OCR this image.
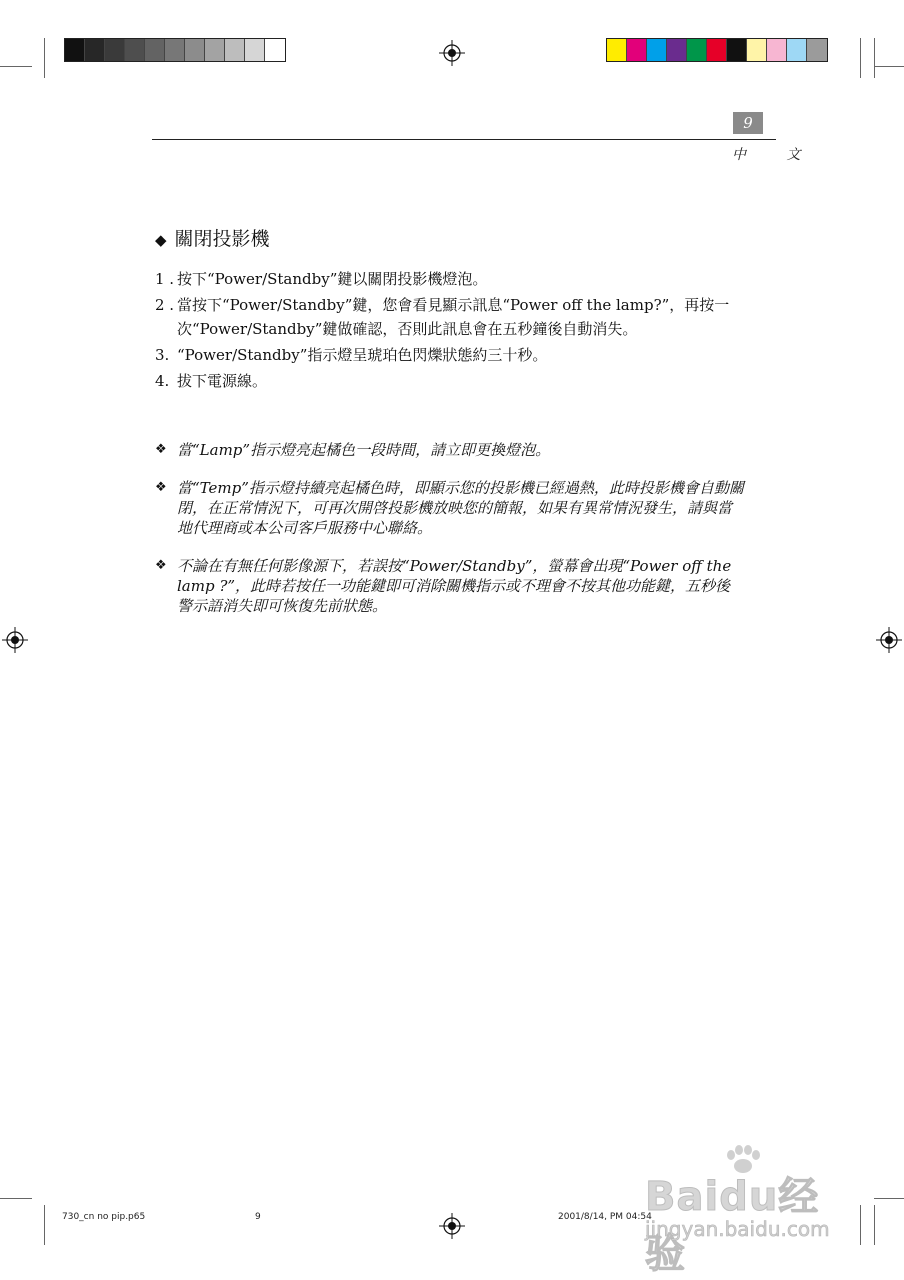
9
中 文
◆ 關閉投影機
1 . 按下“Power/Standby”鍵以關閉投影機燈泡。
2 . 當按下“Power/Standby”鍵，您會看見顯示訊息“Power off the lamp?”，再按一次“Power/Standby”鍵做確認，否則此訊息會在五秒鐘後自動消失。
3. “Power/Standby”指示燈呈琥珀色閃爍狀態約三十秒。
4. 拔下電源線。
❖ 當“Lamp”指示燈亮起橘色一段時間，請立即更換燈泡。
❖ 當“Temp”指示燈持續亮起橘色時，即顯示您的投影機已經過熱，此時投影機會自動關閉，在正常情況下，可再次開啓投影機放映您的簡報，如果有異常情況發生，請與當地代理商或本公司客戶服務中心聯絡。
❖ 不論在有無任何影像源下，若誤按“Power/Standby”，螢幕會出現“Power off the lamp ?”，此時若按任一功能鍵即可消除關機指示或不理會不按其他功能鍵，五秒後警示語消失即可恢復先前狀態。
730_cn no pip.p65	9	2001/8/14, PM 04:54
Baidu经验
jingyan.baidu.com
